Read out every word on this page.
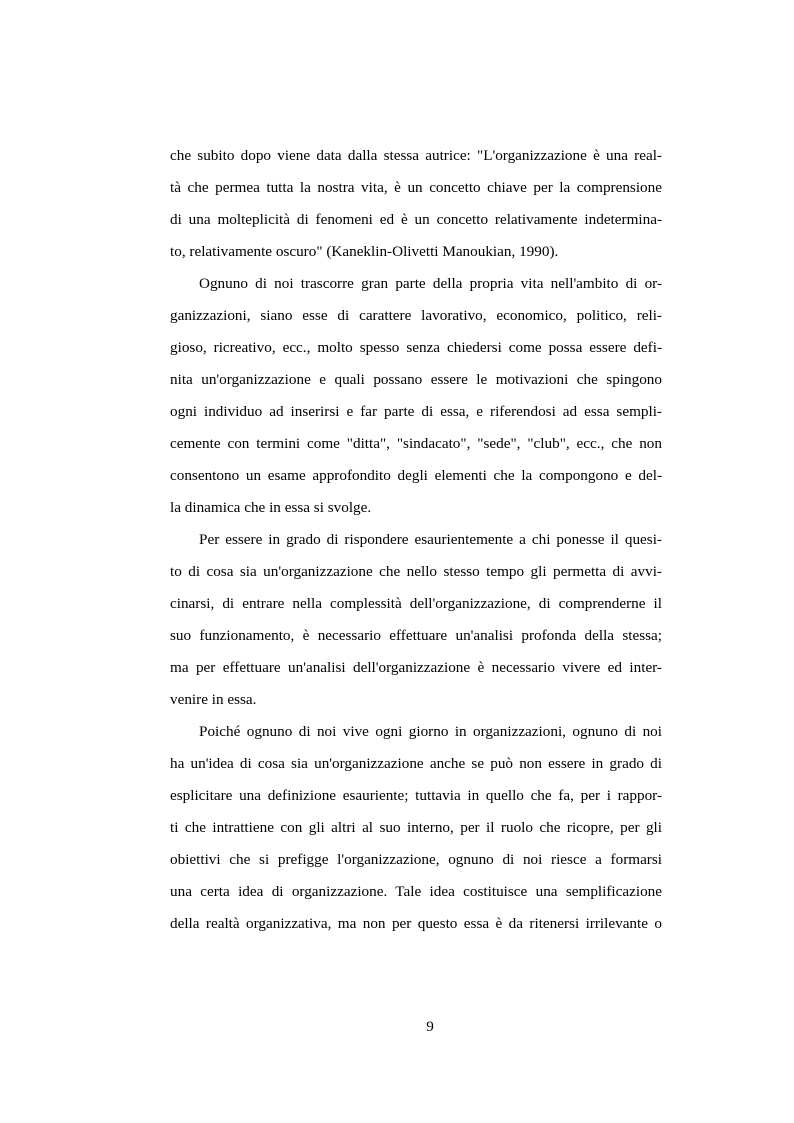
che subito dopo viene data dalla stessa autrice: "L'organizzazione è una real-
tà che permea tutta la nostra vita, è un concetto chiave per la comprensione
di una molteplicità di fenomeni ed è un concetto relativamente indetermina-
to, relativamente oscuro" (Kaneklin-Olivetti Manoukian, 1990).
Ognuno di noi trascorre gran parte della propria vita nell'ambito di or-
ganizzazioni, siano esse di carattere lavorativo, economico, politico, reli-
gioso, ricreativo, ecc., molto spesso senza chiedersi come possa essere defi-
nita un'organizzazione e quali possano essere le motivazioni che spingono
ogni individuo ad inserirsi e far parte di essa, e riferendosi ad essa sempli-
cemente con termini come "ditta", "sindacato", "sede", "club", ecc., che non
consentono un esame approfondito degli elementi che la compongono e del-
la dinamica che in essa si svolge.
Per essere in grado di rispondere esaurientemente a chi ponesse il quesi-
to di cosa sia un'organizzazione che nello stesso tempo gli permetta di avvi-
cinarsi, di entrare nella complessità dell'organizzazione, di comprenderne il
suo funzionamento, è necessario effettuare un'analisi profonda della stessa;
ma per effettuare un'analisi dell'organizzazione è necessario vivere ed inter-
venire in essa.
Poiché ognuno di noi vive ogni giorno in organizzazioni, ognuno di noi
ha un'idea di cosa sia un'organizzazione anche se può non essere in grado di
esplicitare una definizione esauriente; tuttavia in quello che fa, per i rappor-
ti che intrattiene con gli altri al suo interno, per il ruolo che ricopre, per gli
obiettivi che si prefigge l'organizzazione, ognuno di noi riesce a formarsi
una certa idea di organizzazione. Tale idea costituisce una semplificazione
della realtà organizzativa, ma non per questo essa è da ritenersi irrilevante o
9
